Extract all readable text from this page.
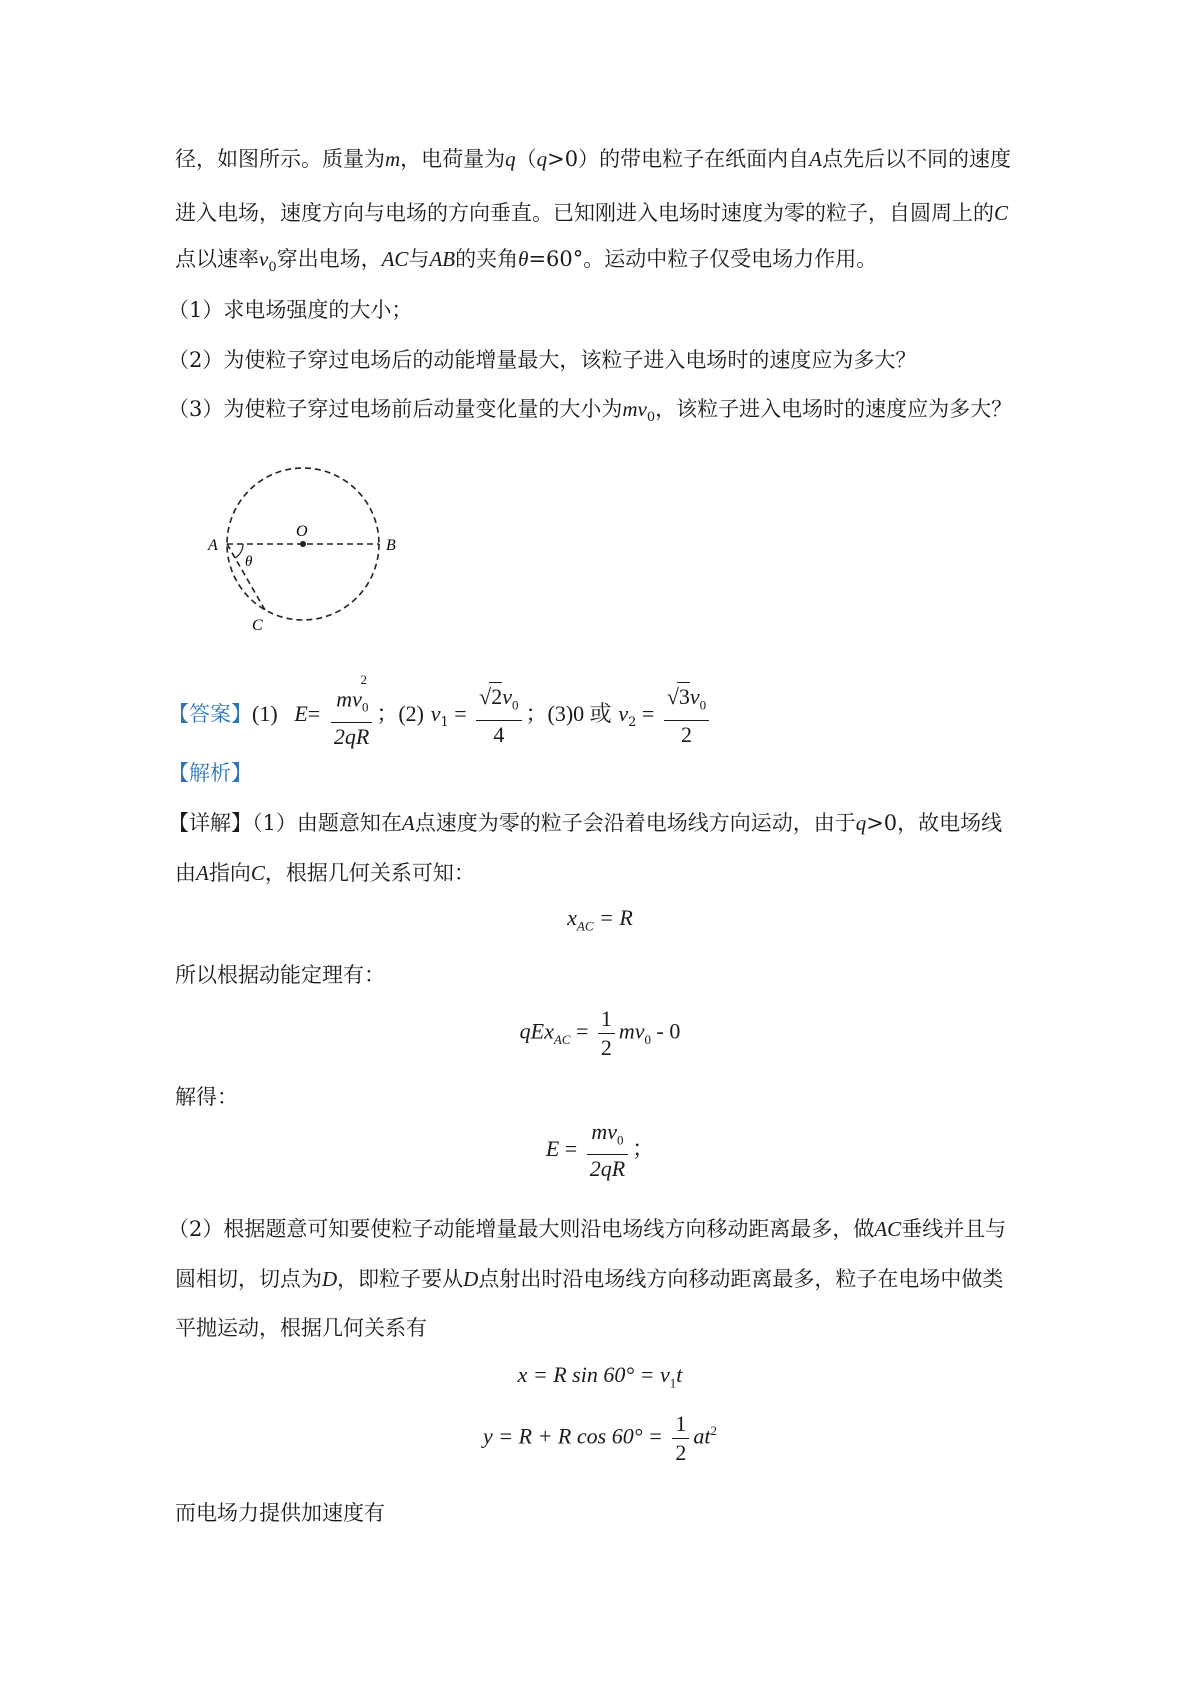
径，如图所示。质量为m，电荷量为q（q>0）的带电粒子在纸面内自A点先后以不同的速度
进入电场，速度方向与电场的方向垂直。已知刚进入电场时速度为零的粒子，自圆周上的C
点以速率$v_0$穿出电场，AC与AB的夹角θ=60°。运动中粒子仅受电场力作用。
（1）求电场强度的大小；
（2）为使粒子穿过电场后的动能增量最大，该粒子进入电场时的速度应为多大？
（3）为使粒子穿过电场前后动量变化量的大小为$mv_0$，该粒子进入电场时的速度应为多大？
O
A	B
C
θ
【答案】(1) $E= \frac{mv_0^2}{2qR}$ ；(2) $v_1 = \frac{√2v_0}{4}$ ；(3)0 或 $v_2 = \frac{√3v_0}{2}$
【解析】
【详解】（1）由题意知在A点速度为零的粒子会沿着电场线方向运动，由于q>0，故电场线
由A指向C，根据几何关系可知：
$x_{AC} = R$
所以根据动能定理有：
$qEx_{AC} = \frac{1}{2} mv_0 - 0$
解得：
$E = \frac{mv_0}{2qR}$ ；
（2）根据题意可知要使粒子动能增量最大则沿电场线方向移动距离最多，做AC垂线并且与
圆相切，切点为D，即粒子要从D点射出时沿电场线方向移动距离最多，粒子在电场中做类
平抛运动，根据几何关系有
x = R $\sin 60^\circ = v_1t$
y = R + R $\cos 60^\circ = \frac{1}{2} at^2$
而电场力提供加速度有
